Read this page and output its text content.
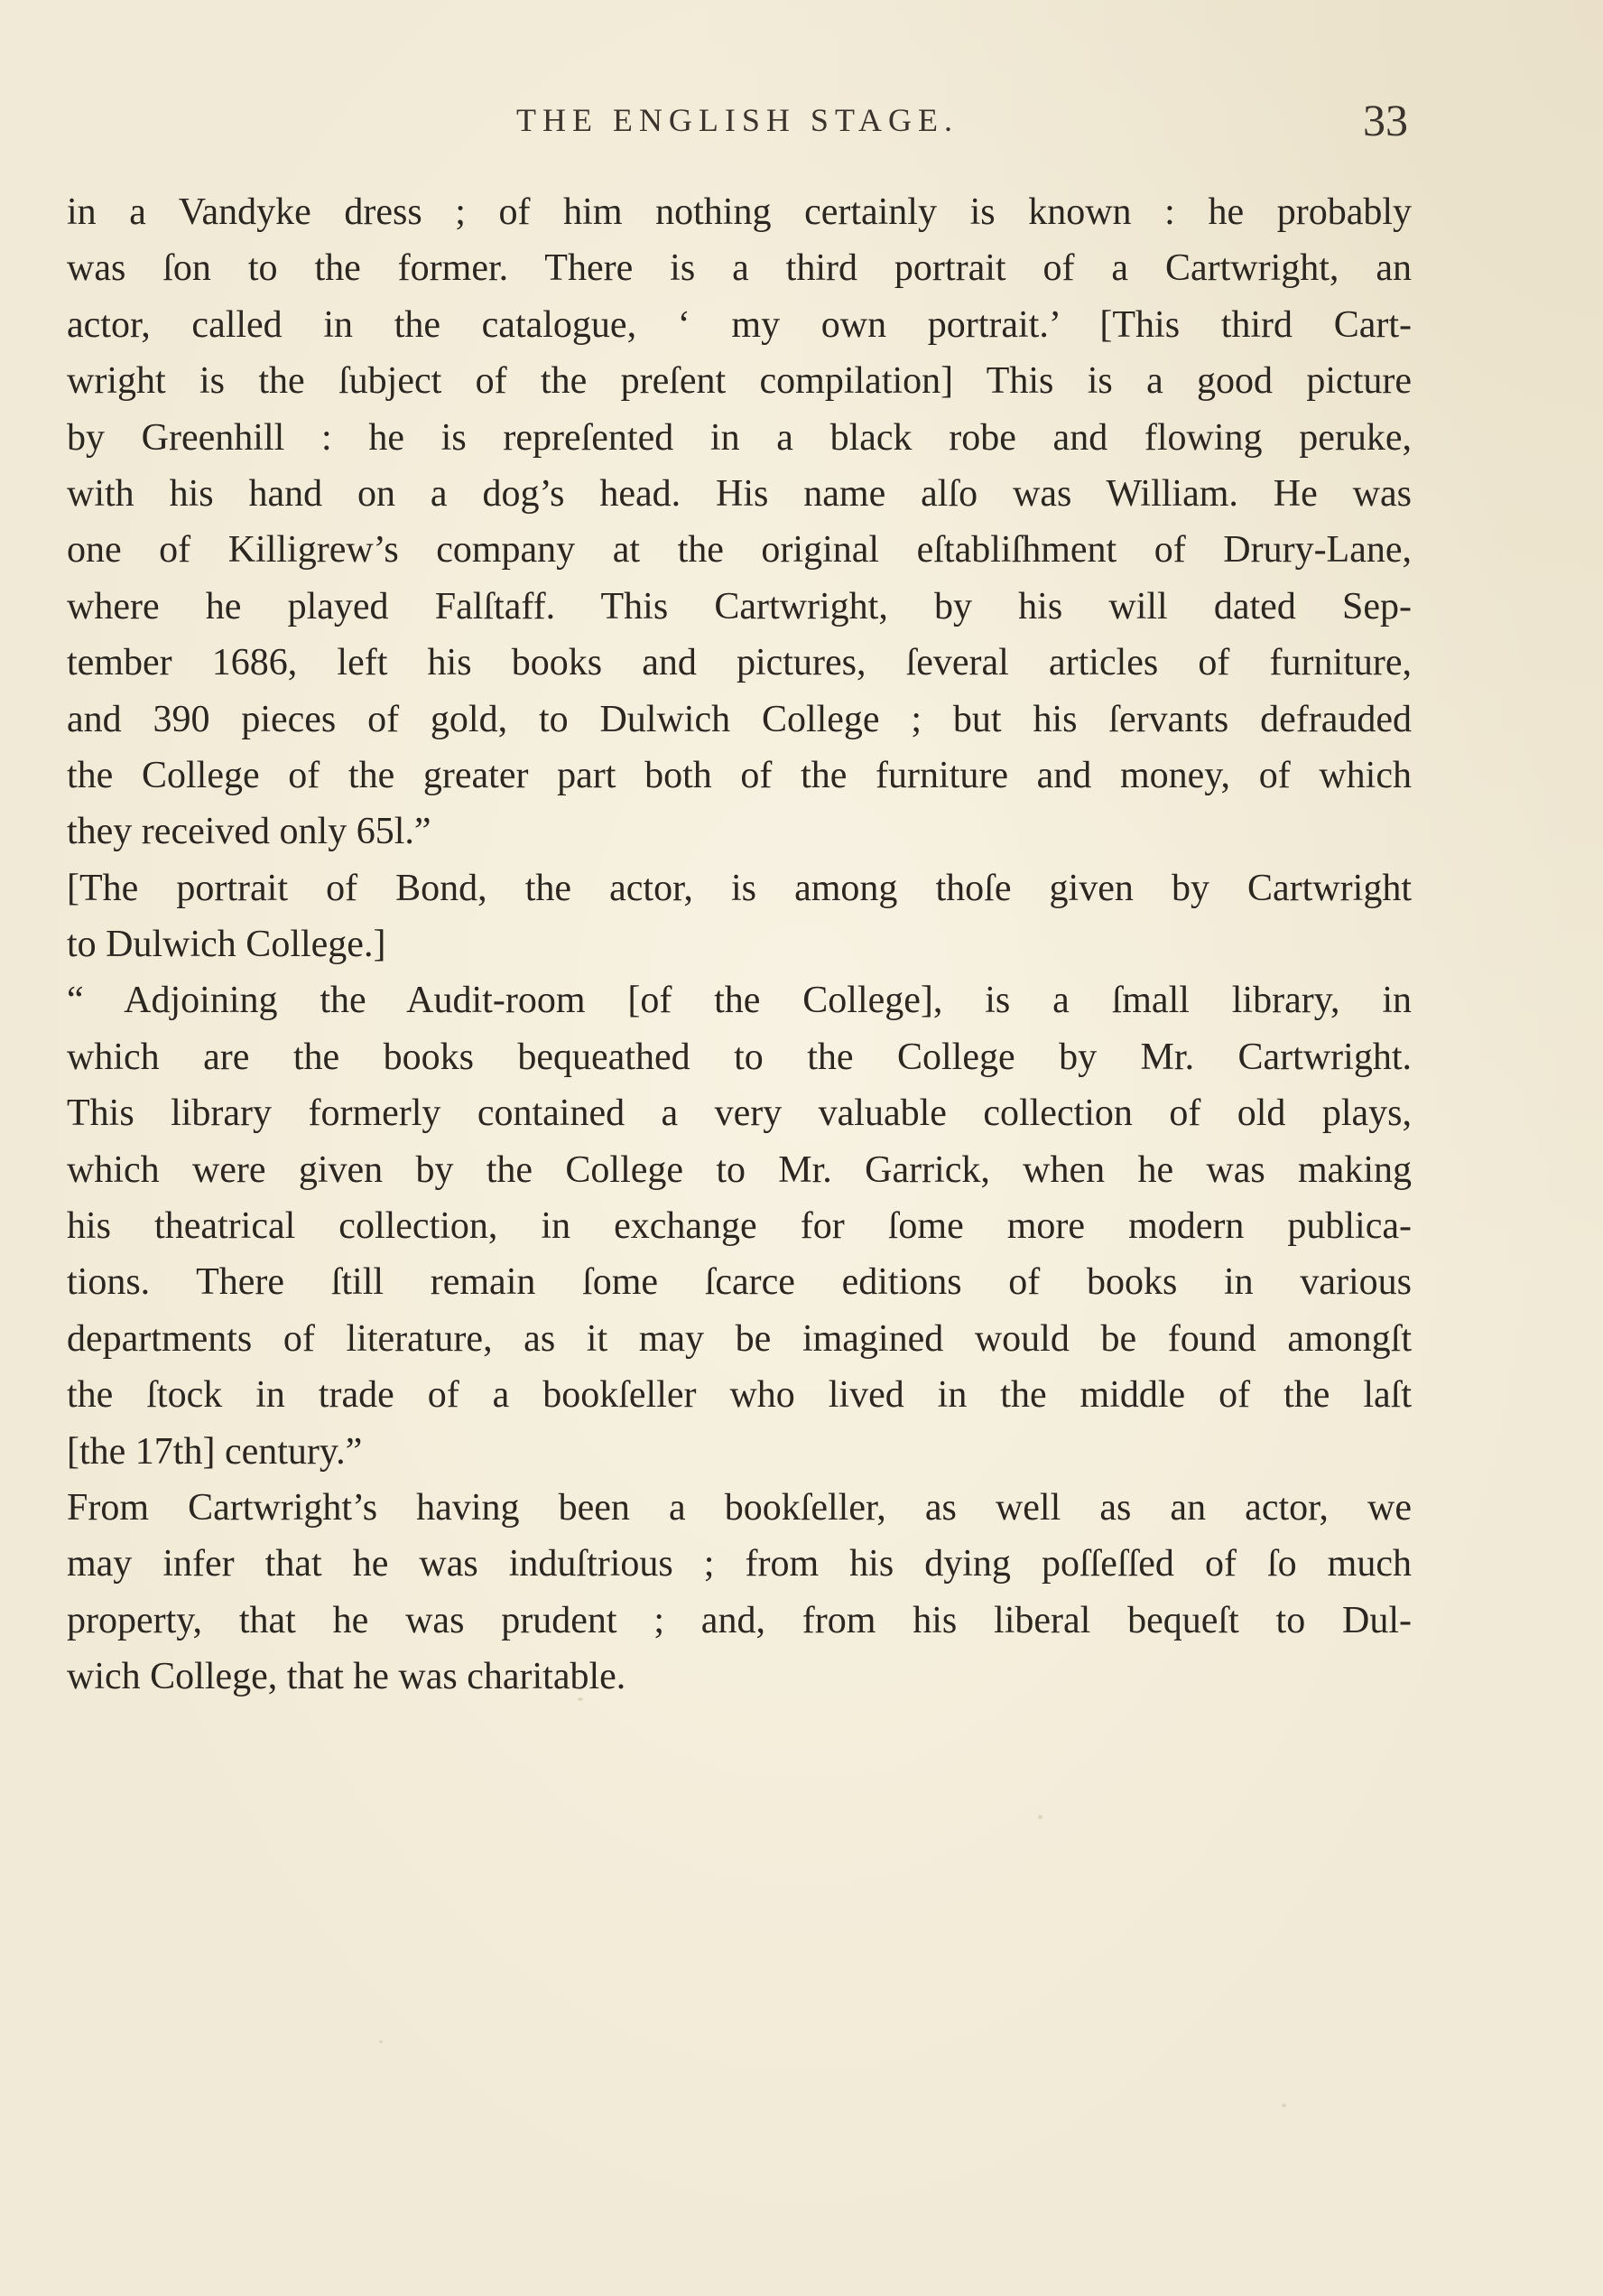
THE ENGLISH STAGE.	33
in a Vandyke dress ; of him nothing certainly is known : he probably
was ſon to the former. There is a third portrait of a Cartwright, an
actor, called in the catalogue, ‘ my own portrait.’ [This third Cart-
wright is the ſubject of the preſent compilation] This is a good picture
by Greenhill : he is repreſented in a black robe and flowing peruke,
with his hand on a dog’s head. His name alſo was William. He was
one of Killigrew’s company at the original eſtabliſhment of Drury-Lane,
where he played Falſtaff. This Cartwright, by his will dated Sep-
tember 1686, left his books and pictures, ſeveral articles of furniture,
and 390 pieces of gold, to Dulwich College ; but his ſervants defrauded
the College of the greater part both of the furniture and money, of which
they received only 65l.”
[The portrait of Bond, the actor, is among thoſe given by Cartwright
to Dulwich College.]
“ Adjoining the Audit-room [of the College], is a ſmall library, in
which are the books bequeathed to the College by Mr. Cartwright.
This library formerly contained a very valuable collection of old plays,
which were given by the College to Mr. Garrick, when he was making
his theatrical collection, in exchange for ſome more modern publica-
tions. There ſtill remain ſome ſcarce editions of books in various
departments of literature, as it may be imagined would be found amongſt
the ſtock in trade of a bookſeller who lived in the middle of the laſt
[the 17th] century.”
From Cartwright’s having been a bookſeller, as well as an actor, we
may infer that he was induſtrious ; from his dying poſſeſſed of ſo much
property, that he was prudent ; and, from his liberal bequeſt to Dul-
wich College, that he was charitable.
